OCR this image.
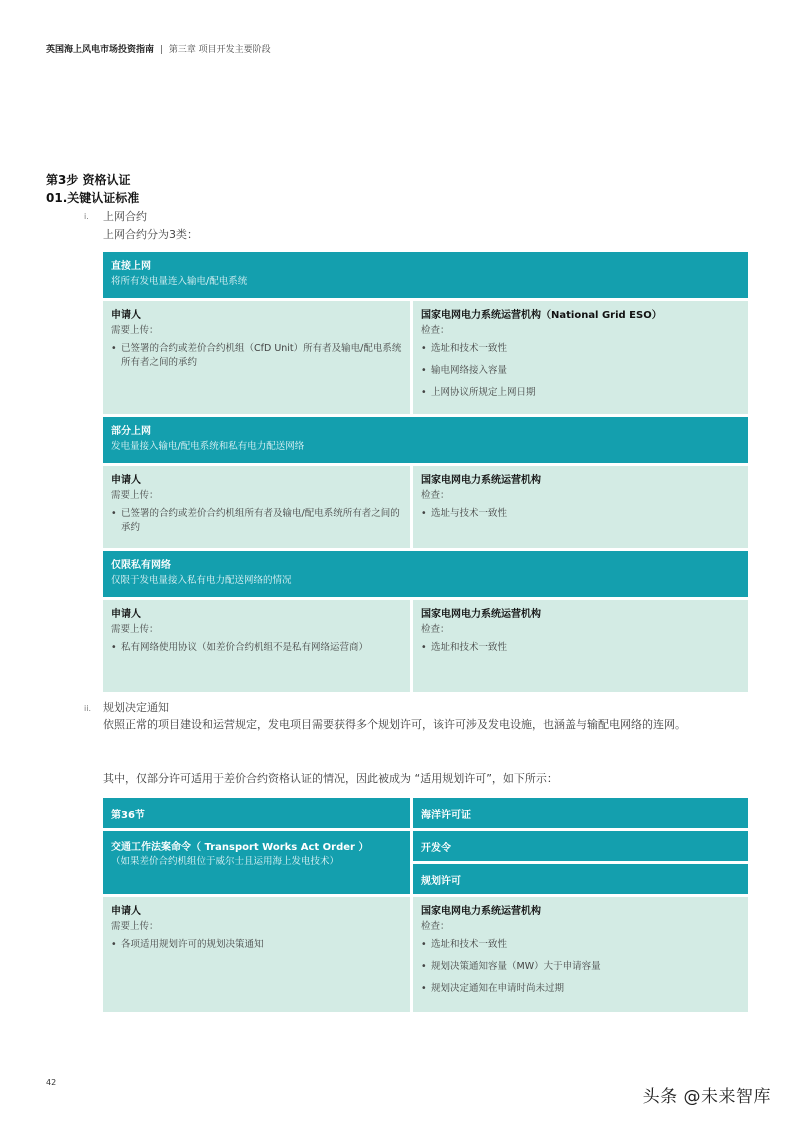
英国海上风电市场投资指南 | 第三章 项目开发主要阶段
第3步 资格认证
01.关键认证标准
i. 上网合约
上网合约分为3类：
直接上网
将所有发电量连入输电/配电系统
申请人
需要上传：
• 已签署的合约或差价合约机组（CfD Unit）所有者及输电/配电系统所有者之间的承约
国家电网电力系统运营机构（National Grid ESO）
检查：
• 选址和技术一致性
• 输电网络接入容量
• 上网协议所规定上网日期
部分上网
发电量接入输电/配电系统和私有电力配送网络
申请人
需要上传：
• 已签署的合约或差价合约机组所有者及输电/配电系统所有者之间的承约
国家电网电力系统运营机构
检查：
• 选址与技术一致性
仅限私有网络
仅限于发电量接入私有电力配送网络的情况
申请人
需要上传：
• 私有网络使用协议（如差价合约机组不是私有网络运营商）
国家电网电力系统运营机构
检查：
• 选址和技术一致性
ii. 规划决定通知
依照正常的项目建设和运营规定，发电项目需要获得多个规划许可，该许可涉及发电设施，也涵盖与输配电网络的连网。
其中，仅部分许可适用于差价合约资格认证的情况，因此被成为 “适用规划许可”，如下所示：
第36节
交通工作法案命令（ Transport Works Act Order ）
（如果差价合约机组位于威尔士且运用海上发电技术）
海洋许可证
开发令
规划许可
申请人
需要上传：
• 各项适用规划许可的规划决策通知
国家电网电力系统运营机构
检查：
• 选址和技术一致性
• 规划决策通知容量（MW）大于申请容量
• 规划决定通知在申请时尚未过期
42
头条 @未来智库
